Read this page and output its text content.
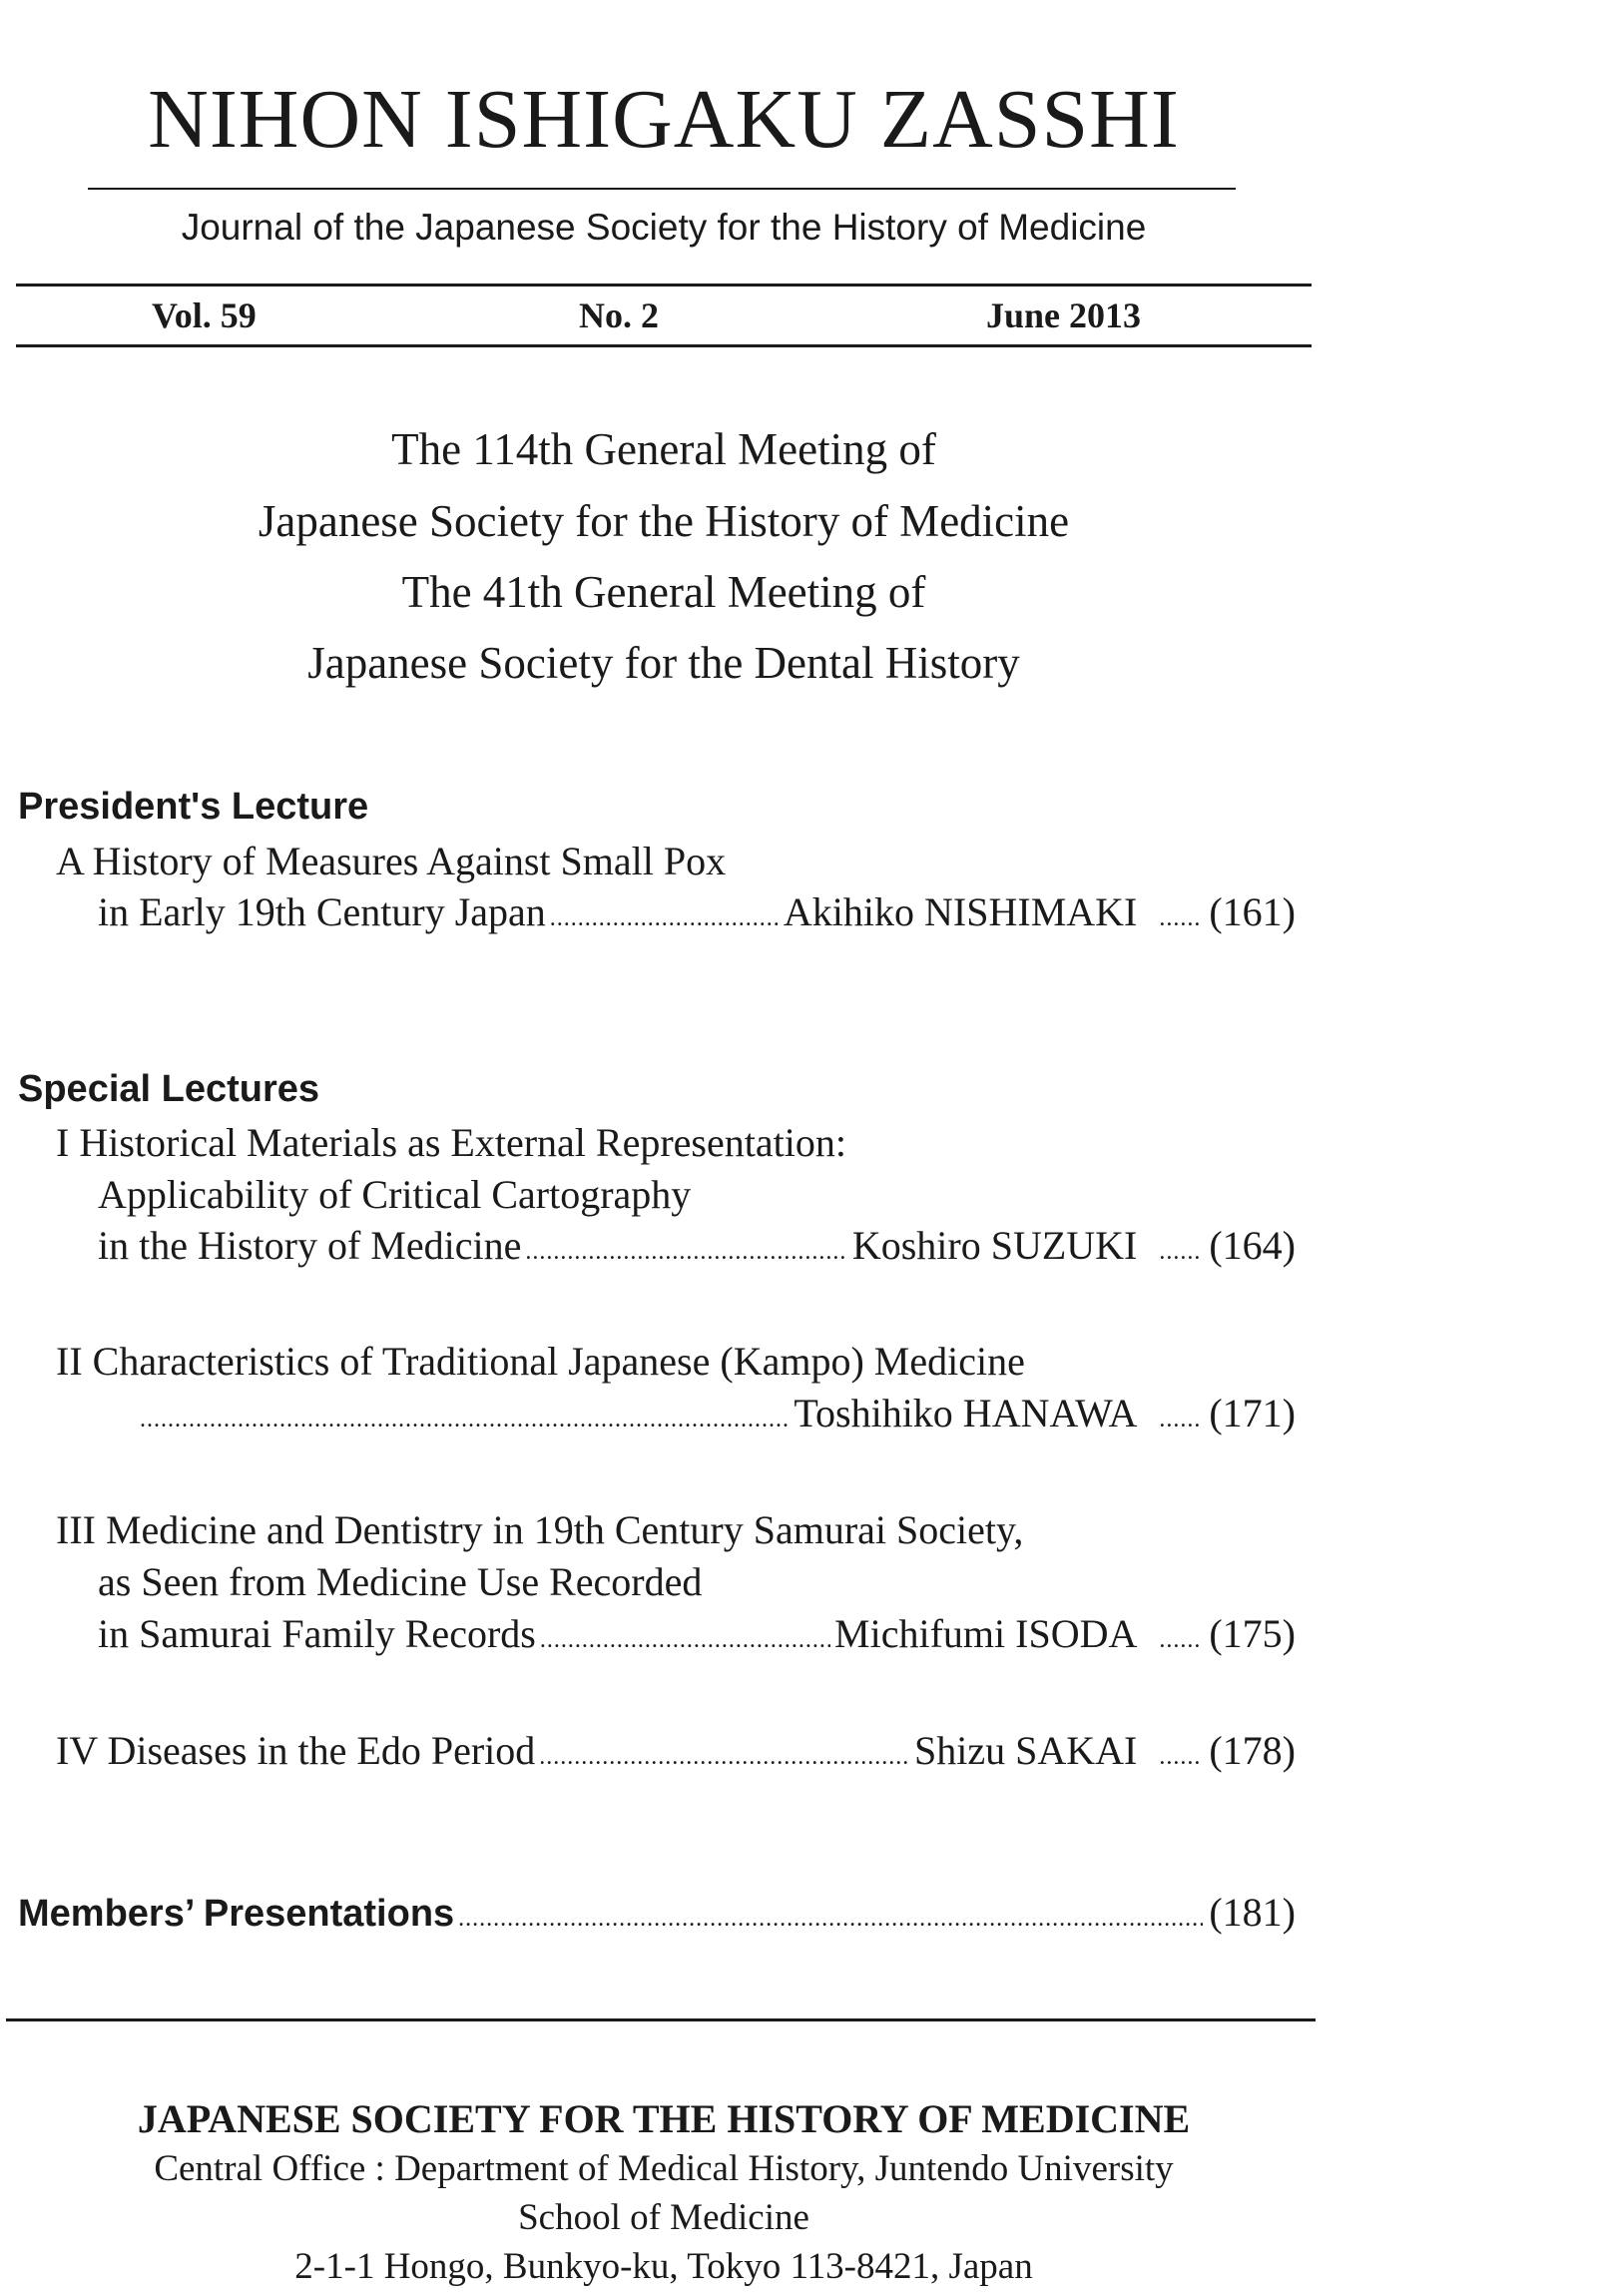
NIHON ISHIGAKU ZASSHI
Journal of the Japanese Society for the History of Medicine
Vol. 59	No. 2	June 2013
The 114th General Meeting of
Japanese Society for the History of Medicine
The 41th General Meeting of
Japanese Society for the Dental History
President's Lecture
A History of Measures Against Small Pox
in Early 19th Century Japan .....	Akihiko NISHIMAKI ...... (161)
Special Lectures
I Historical Materials as External Representation:
Applicability of Critical Cartography
in the History of Medicine .....	Koshiro SUZUKI ...... (164)
II Characteristics of Traditional Japanese (Kampo) Medicine
.....
Toshihiko HANAWA ...... (171)
III Medicine and Dentistry in 19th Century Samurai Society,
as Seen from Medicine Use Recorded
in Samurai Family Records .....	Michifumi ISODA ...... (175)
IV Diseases in the Edo Period .....	Shizu SAKAI ...... (178)
Members’ Presentations .....	(181)
JAPANESE SOCIETY FOR THE HISTORY OF MEDICINE
Central Office : Department of Medical History, Juntendo University
School of Medicine
2-1-1 Hongo, Bunkyo-ku, Tokyo 113-8421, Japan
